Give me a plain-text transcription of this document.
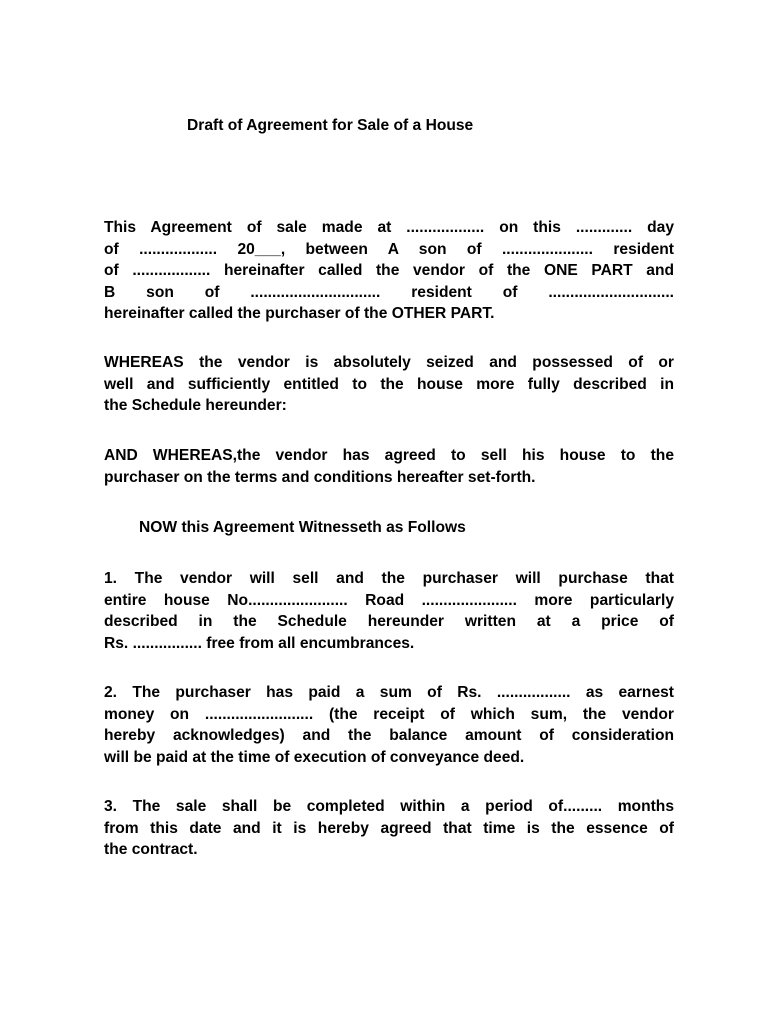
Draft of Agreement for Sale of a House
This Agreement of sale made at .................. on this ............. day
of .................. 20___, between A son of ..................... resident
of .................. hereinafter called the vendor of the ONE PART and
B son of .............................. resident of .............................
hereinafter called the purchaser of the OTHER PART.
WHEREAS the vendor is absolutely seized and possessed of or
well and sufficiently entitled to the house more fully described in
the Schedule hereunder:
AND WHEREAS,the vendor has agreed to sell his house to the
purchaser on the terms and conditions hereafter set-forth.
NOW this Agreement Witnesseth as Follows
1. The vendor will sell and the purchaser will purchase that
entire house No....................... Road ...................... more particularly
described in the Schedule hereunder written at a price of
Rs. ................ free from all encumbrances.
2. The purchaser has paid a sum of Rs. ................. as earnest
money on ......................... (the receipt of which sum, the vendor
hereby acknowledges) and the balance amount of consideration
will be paid at the time of execution of conveyance deed.
3. The sale shall be completed within a period of......... months
from this date and it is hereby agreed that time is the essence of
the contract.
